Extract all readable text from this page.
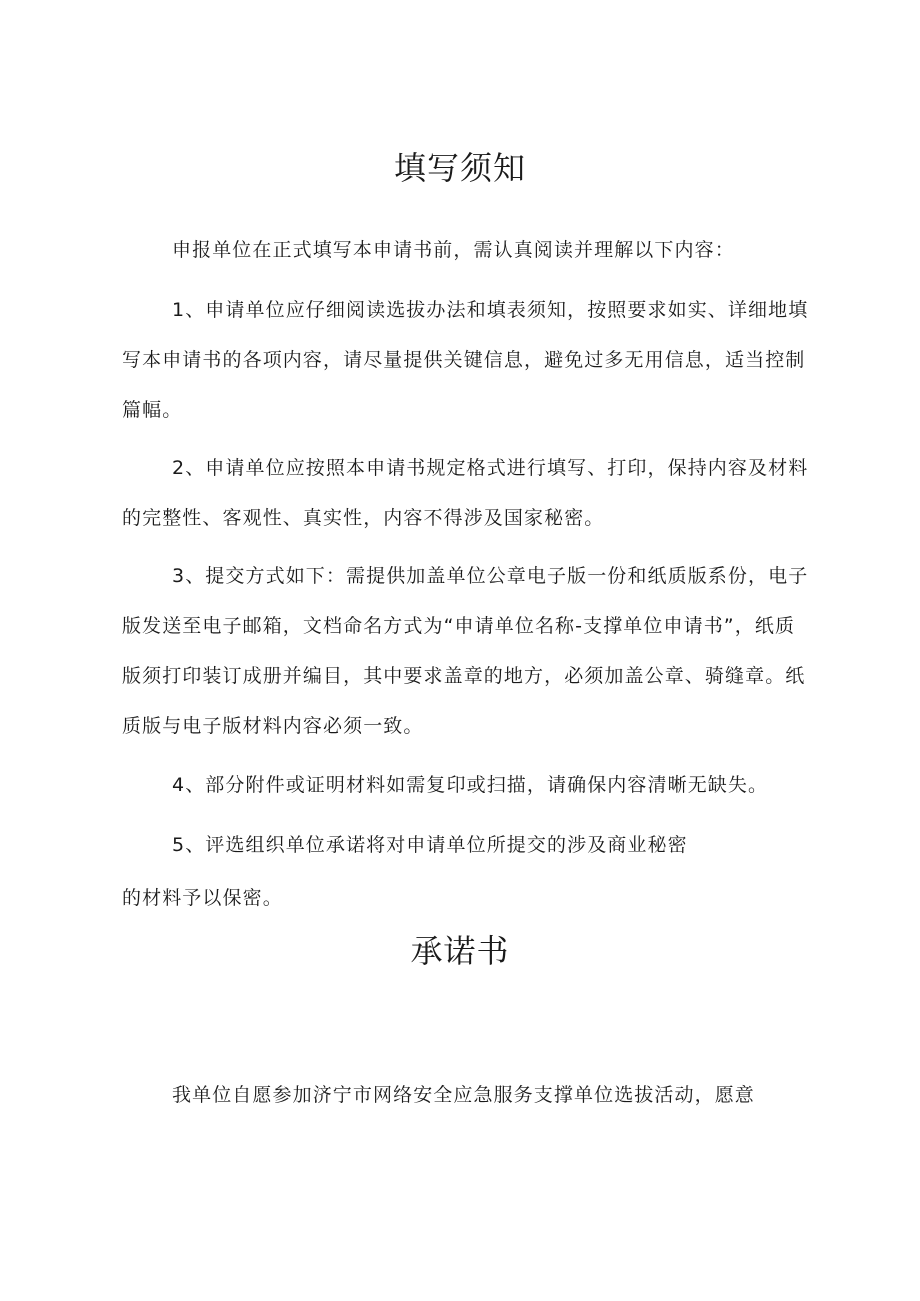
填写须知

申报单位在正式填写本申请书前，需认真阅读并理解以下内容：

1、申请单位应仔细阅读选拔办法和填表须知，按照要求如实、详细地填写本申请书的各项内容，请尽量提供关键信息，避免过多无用信息，适当控制篇幅。

2、申请单位应按照本申请书规定格式进行填写、打印，保持内容及材料的完整性、客观性、真实性，内容不得涉及国家秘密。

3、提交方式如下：需提供加盖单位公章电子版一份和纸质版系份，电子版发送至电子邮箱，文档命名方式为“申请单位名称-支撑单位申请书”，纸质版须打印装订成册并编目，其中要求盖章的地方，必须加盖公章、骑缝章。纸质版与电子版材料内容必须一致。

4、部分附件或证明材料如需复印或扫描，请确保内容清晰无缺失。

5、评选组织单位承诺将对申请单位所提交的涉及商业秘密

的材料予以保密。

承诺书

我单位自愿参加济宁市网络安全应急服务支撑单位选拔活动，愿意
